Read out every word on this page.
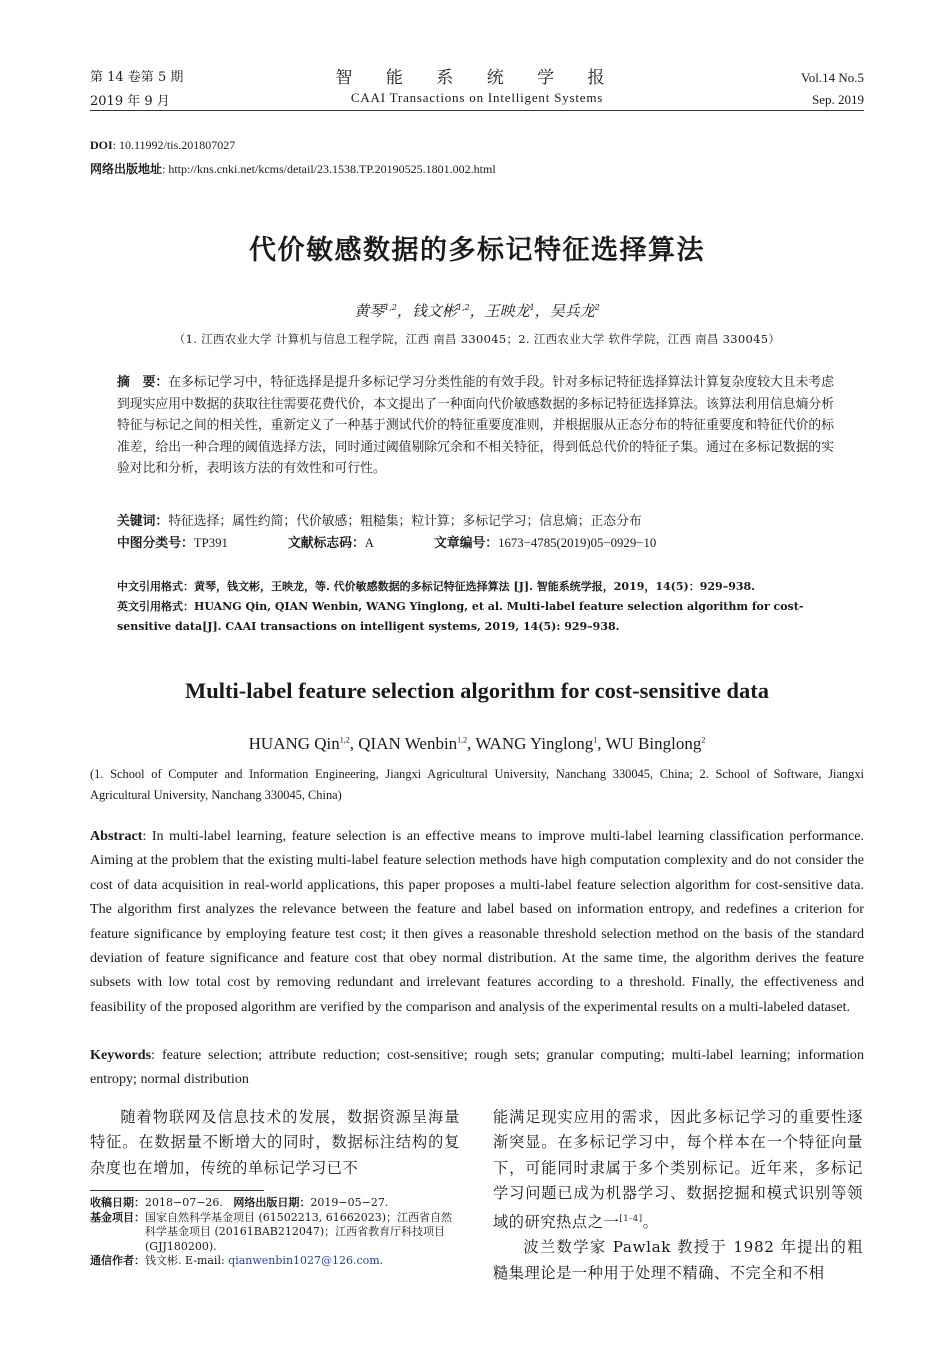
第 14 卷第 5 期
2019 年 9 月
智 能 系 统 学 报
CAAI Transactions on Intelligent Systems
Vol.14 No.5
Sep. 2019
DOI: 10.11992/tis.201807027
网络出版地址: http://kns.cnki.net/kcms/detail/23.1538.TP.20190525.1801.002.html
代价敏感数据的多标记特征选择算法
黄琴$^{1,2}$，钱文彬$^{1,2}$，王映龙$^1$，吴兵龙$^2$
（1. 江西农业大学 计算机与信息工程学院，江西 南昌 330045；2. 江西农业大学 软件学院，江西 南昌 330045）
摘　要：在多标记学习中，特征选择是提升多标记学习分类性能的有效手段。针对多标记特征选择算法计算复杂度较大且未考虑到现实应用中数据的获取往往需要花费代价，本文提出了一种面向代价敏感数据的多标记特征选择算法。该算法利用信息熵分析特征与标记之间的相关性，重新定义了一种基于测试代价的特征重要度准则，并根据服从正态分布的特征重要度和特征代价的标准差，给出一种合理的阈值选择方法，同时通过阈值剔除冗余和不相关特征，得到低总代价的特征子集。通过在多标记数据的实验对比和分析，表明该方法的有效性和可行性。
关键词：特征选择；属性约简；代价敏感；粗糙集；粒计算；多标记学习；信息熵；正态分布
中图分类号：TP391	文献标志码：A	文章编号：1673−4785(2019)05−0929−10
中文引用格式：黄琴，钱文彬，王映龙，等. 代价敏感数据的多标记特征选择算法 [J]. 智能系统学报，2019，14(5)：929–938.
英文引用格式：HUANG Qin, QIAN Wenbin, WANG Yinglong, et al. Multi-label feature selection algorithm for cost-sensitive data[J]. CAAI transactions on intelligent systems, 2019, 14(5): 929–938.
Multi-label feature selection algorithm for cost-sensitive data
HUANG Qin$^{1,2}$, QIAN Wenbin$^{1,2}$, WANG Yinglong$^1$, WU Binglong$^2$
(1. School of Computer and Information Engineering, Jiangxi Agricultural University, Nanchang 330045, China; 2. School of Software, Jiangxi Agricultural University, Nanchang 330045, China)
Abstract: In multi-label learning, feature selection is an effective means to improve multi-label learning classification performance. Aiming at the problem that the existing multi-label feature selection methods have high computation complexity and do not consider the cost of data acquisition in real-world applications, this paper proposes a multi-label feature selection algorithm for cost-sensitive data. The algorithm first analyzes the relevance between the feature and label based on information entropy, and redefines a criterion for feature significance by employing feature test cost; it then gives a reasonable threshold selection method on the basis of the standard deviation of feature significance and feature cost that obey normal distribution. At the same time, the algorithm derives the feature subsets with low total cost by removing redundant and irrelevant features according to a threshold. Finally, the effectiveness and feasibility of the proposed algorithm are verified by the comparison and analysis of the experimental results on a multi-labeled dataset.
Keywords: feature selection; attribute reduction; cost-sensitive; rough sets; granular computing; multi-label learning; information entropy; normal distribution

随着物联网及信息技术的发展，数据资源呈海量特征。在数据量不断增大的同时，数据标注结构的复杂度也在增加，传统的单标记学习已不

能满足现实应用的需求，因此多标记学习的重要性逐渐突显。在多标记学习中，每个样本在一个特征向量下，可能同时隶属于多个类别标记。近年来，多标记学习问题已成为机器学习、数据挖掘和模式识别等领域的研究热点之一[1-4]。

波兰数学家 Pawlak 教授于 1982 年提出的粗糙集理论是一种用于处理不精确、不完全和不相

收稿日期：2018−07−26. 网络出版日期：2019−05−27.
基金项目： 国家自然科学基金项目 (61502213, 61662023)；江西省自然科学基金项目 (20161BAB212047)；江西省教育厅科技项目 (GJJ180200).
通信作者：钱文彬. E-mail: qianwenbin1027@126.com.
